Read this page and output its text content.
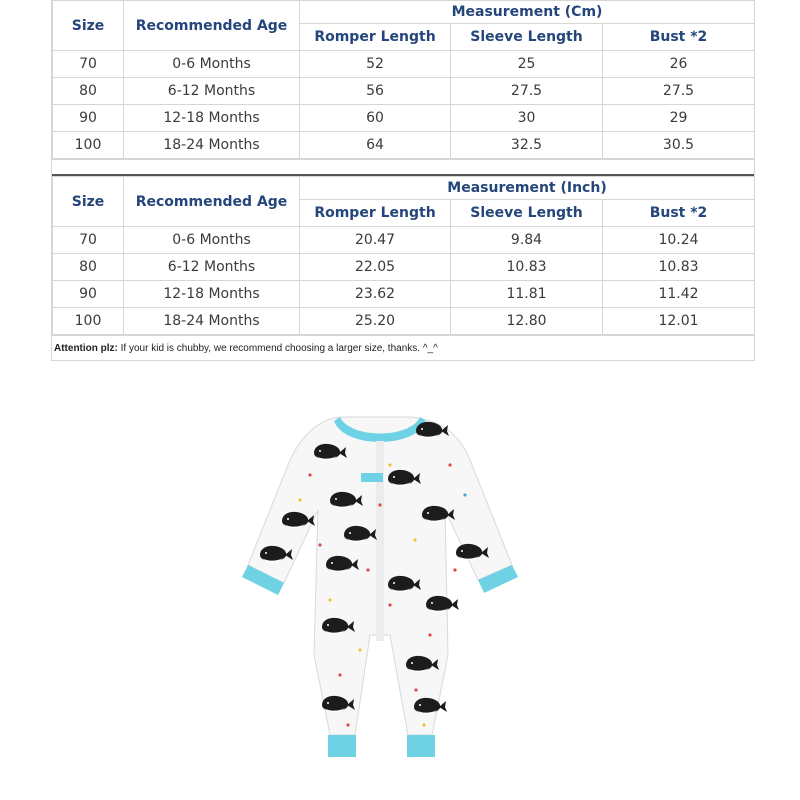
Size	Recommended Age	Measurement (Cm)		
		Romper Length	Sleeve Length	Bust *2
70	0-6 Months	52	25	26
80	6-12 Months	56	27.5	27.5
90	12-18 Months	60	30	29
100	18-24 Months	64	32.5	30.5
Size	Recommended Age	Measurement (Inch)		
		Romper Length	Sleeve Length	Bust *2
70	0-6 Months	20.47	9.84	10.24
80	6-12 Months	22.05	10.83	10.83
90	12-18 Months	23.62	11.81	11.42
100	18-24 Months	25.20	12.80	12.01
Attention plz: If your kid is chubby, we recommend choosing a larger size, thanks. ^_^
